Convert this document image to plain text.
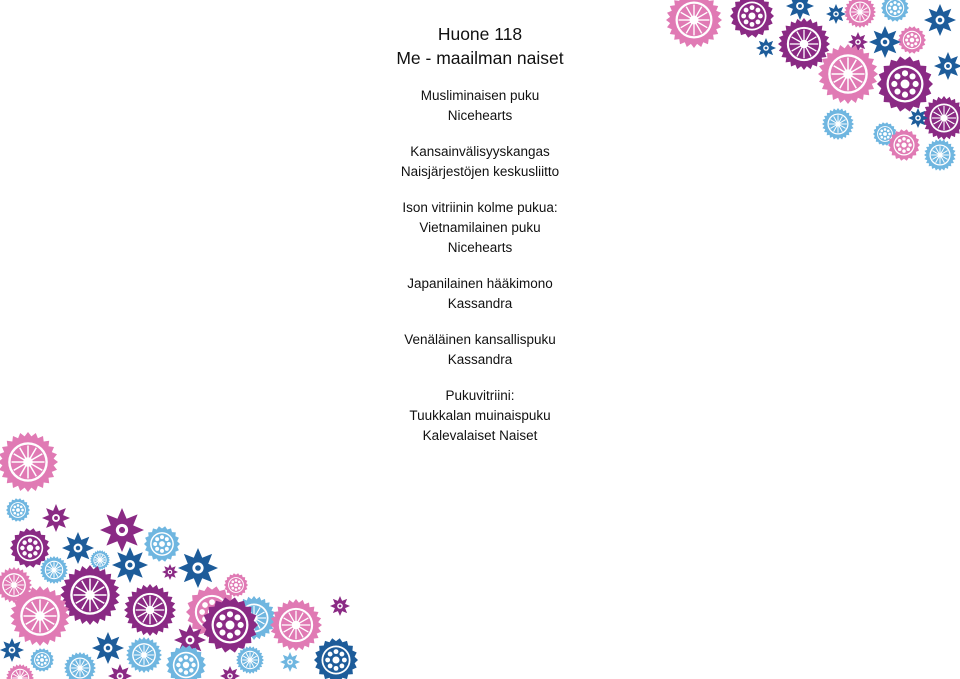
Huone 118

Me - maailman naiset

Musliminaisen puku

Nicehearts

Kansainvälisyyskangas

Naisjärjestöjen keskusliitto

Ison vitriinin kolme pukua:

Vietnamilainen puku

Nicehearts

Japanilainen hääkimono

Kassandra

Venäläinen kansallispuku

Kassandra

Pukuvitriini:

Tuukkalan muinaispuku

Kalevalaiset Naiset
